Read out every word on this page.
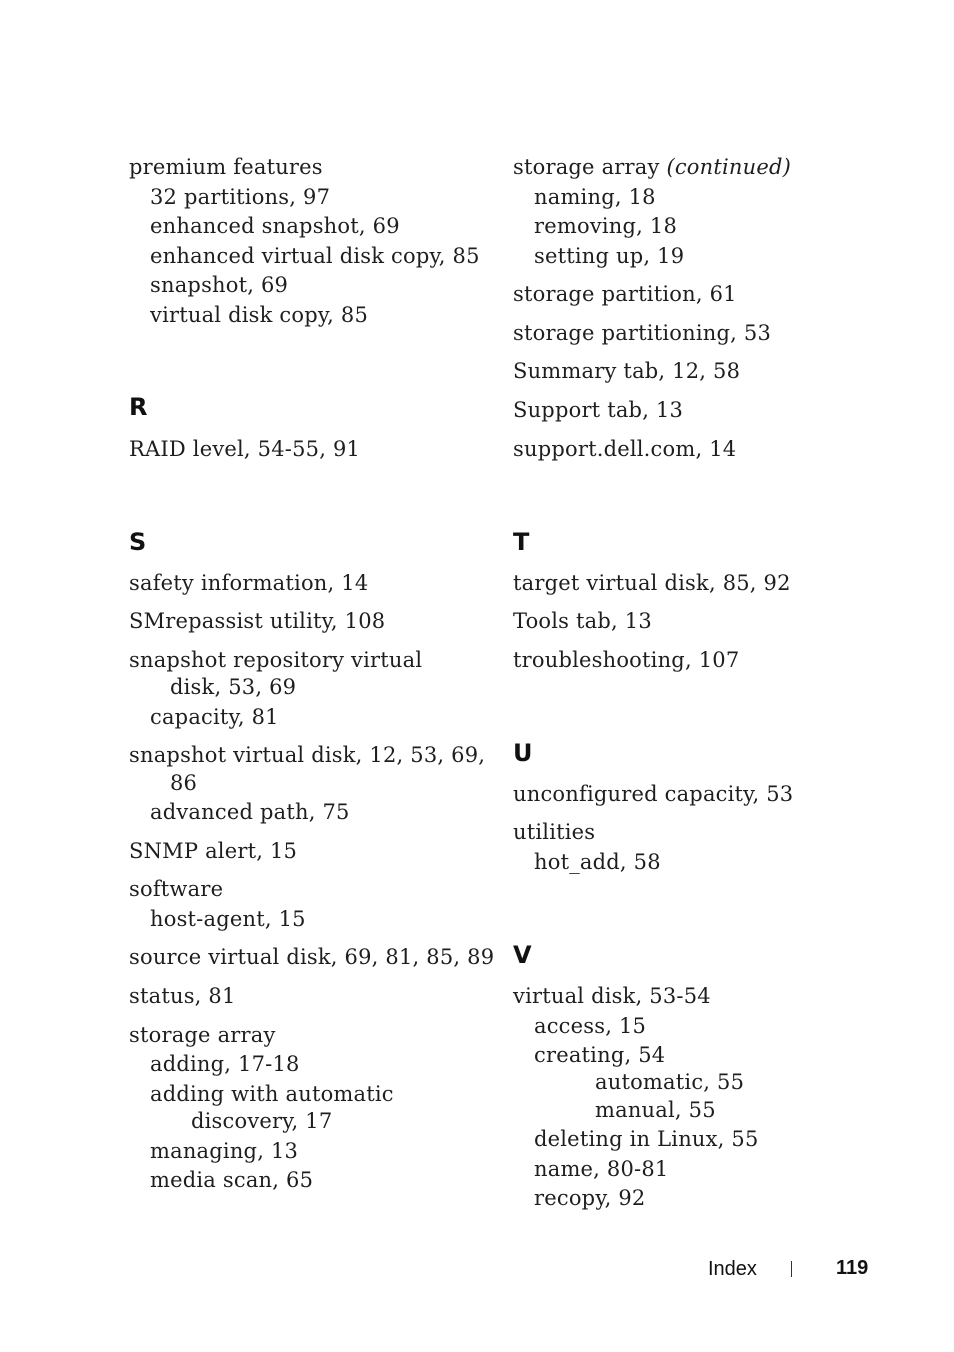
premium features
32 partitions, 97
enhanced snapshot, 69
enhanced virtual disk copy, 85
snapshot, 69
virtual disk copy, 85
R
RAID level, 54-55, 91
S
safety information, 14
SMrepassist utility, 108
snapshot repository virtual
disk, 53, 69
capacity, 81
snapshot virtual disk, 12, 53, 69,
86
advanced path, 75
SNMP alert, 15
software
host-agent, 15
source virtual disk, 69, 81, 85, 89
status, 81
storage array
adding, 17-18
adding with automatic
discovery, 17
managing, 13
media scan, 65
storage array (continued)
naming, 18
removing, 18
setting up, 19
storage partition, 61
storage partitioning, 53
Summary tab, 12, 58
Support tab, 13
support.dell.com, 14
T
target virtual disk, 85, 92
Tools tab, 13
troubleshooting, 107
U
unconfigured capacity, 53
utilities
hot_add, 58
V
virtual disk, 53-54
access, 15
creating, 54
automatic, 55
manual, 55
deleting in Linux, 55
name, 80-81
recopy, 92
Index	119
